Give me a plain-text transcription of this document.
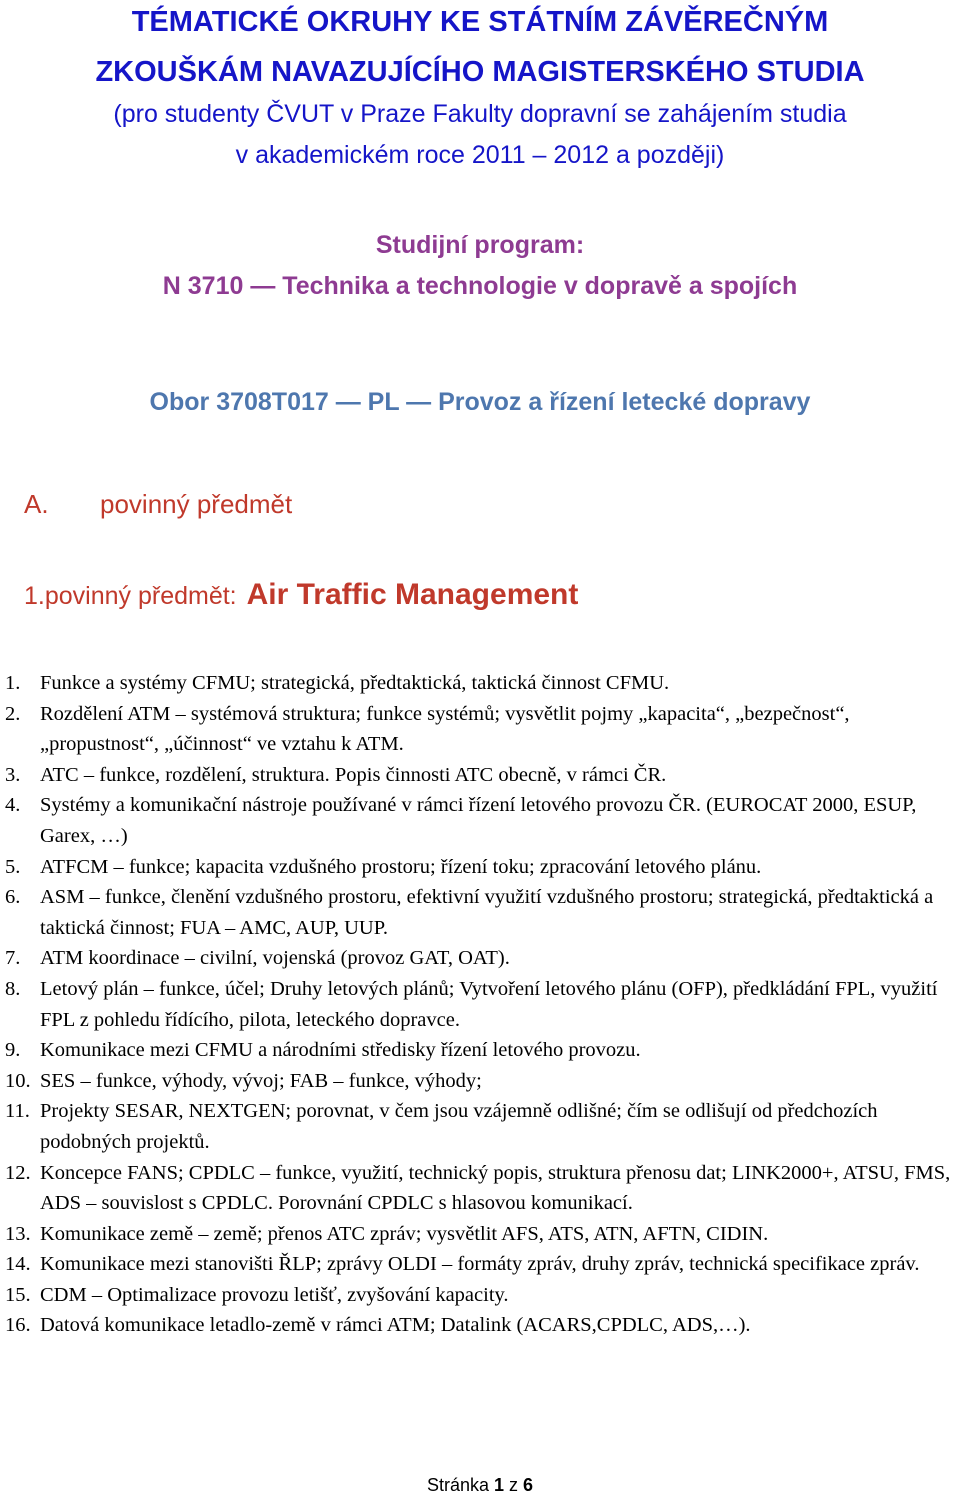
TÉMATICKÉ OKRUHY KE STÁTNÍM ZÁVĚREČNÝM
ZKOUŠKÁM NAVAZUJÍCÍHO MAGISTERSKÉHO STUDIA
(pro studenty ČVUT v Praze Fakulty dopravní se zahájením studia
v akademickém roce 2011 – 2012 a později)
Studijní program:
N 3710 — Technika a technologie v dopravě a spojích
Obor 3708T017 — PL — Provoz a řízení letecké dopravy
A. povinný předmět
1.povinný předmět: Air Traffic Management
1. Funkce a systémy CFMU; strategická, předtaktická, taktická činnost CFMU.
2. Rozdělení ATM – systémová struktura; funkce systémů; vysvětlit pojmy „kapacita“, „bezpečnost“, „propustnost“, „účinnost“ ve vztahu k ATM.
3. ATC – funkce, rozdělení, struktura. Popis činnosti ATC obecně, v rámci ČR.
4. Systémy a komunikační nástroje používané v rámci řízení letového provozu ČR. (EUROCAT 2000, ESUP, Garex, …)
5. ATFCM – funkce; kapacita vzdušného prostoru; řízení toku; zpracování letového plánu.
6. ASM – funkce, členění vzdušného prostoru, efektivní využití vzdušného prostoru; strategická, předtaktická a taktická činnost; FUA – AMC, AUP, UUP.
7. ATM koordinace – civilní, vojenská (provoz GAT, OAT).
8. Letový plán – funkce, účel; Druhy letových plánů; Vytvoření letového plánu (OFP), předkládání FPL, využití FPL z pohledu řídícího, pilota, leteckého dopravce.
9. Komunikace mezi CFMU a národními středisky řízení letového provozu.
10. SES – funkce, výhody, vývoj; FAB – funkce, výhody;
11. Projekty SESAR, NEXTGEN; porovnat, v čem jsou vzájemně odlišné; čím se odlišují od předchozích podobných projektů.
12. Koncepce FANS; CPDLC – funkce, využití, technický popis, struktura přenosu dat; LINK2000+, ATSU, FMS, ADS – souvislost s CPDLC. Porovnání CPDLC s hlasovou komunikací.
13. Komunikace země – země; přenos ATC zpráv; vysvětlit AFS, ATS, ATN, AFTN, CIDIN.
14. Komunikace mezi stanovišti ŘLP; zprávy OLDI – formáty zpráv, druhy zpráv, technická specifikace zpráv.
15. CDM – Optimalizace provozu letišť, zvyšování kapacity.
16. Datová komunikace letadlo-země v rámci ATM; Datalink (ACARS,CPDLC, ADS,…).
Stránka 1 z 6
